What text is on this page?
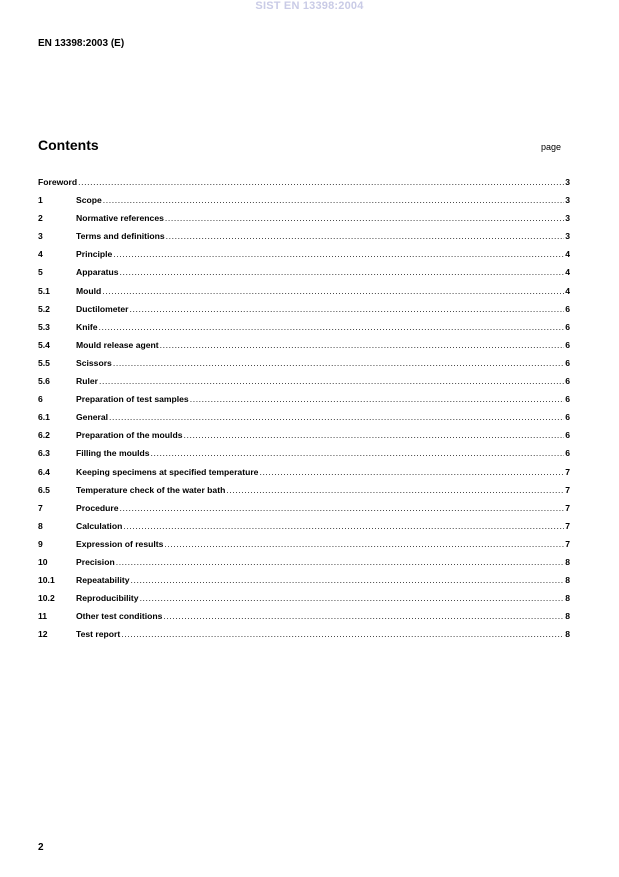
SIST EN 13398:2004
EN 13398:2003 (E)
Contents	page
Foreword .....	3
1	Scope .....	3
2	Normative references .....	3
3	Terms and definitions .....	3
4	Principle .....	4
5	Apparatus .....	4
5.1	Mould .....	4
5.2	Ductilometer .....	6
5.3	Knife .....	6
5.4	Mould release agent .....	6
5.5	Scissors .....	6
5.6	Ruler .....	6
6	Preparation of test samples .....	6
6.1	General .....	6
6.2	Preparation of the moulds .....	6
6.3	Filling the moulds .....	6
6.4	Keeping specimens at specified temperature .....	7
6.5	Temperature check of the water bath .....	7
7	Procedure .....	7
8	Calculation .....	7
9	Expression of results .....	7
10	Precision .....	8
10.1	Repeatability .....	8
10.2	Reproducibility .....	8
11	Other test conditions .....	8
12	Test report .....	8
2
